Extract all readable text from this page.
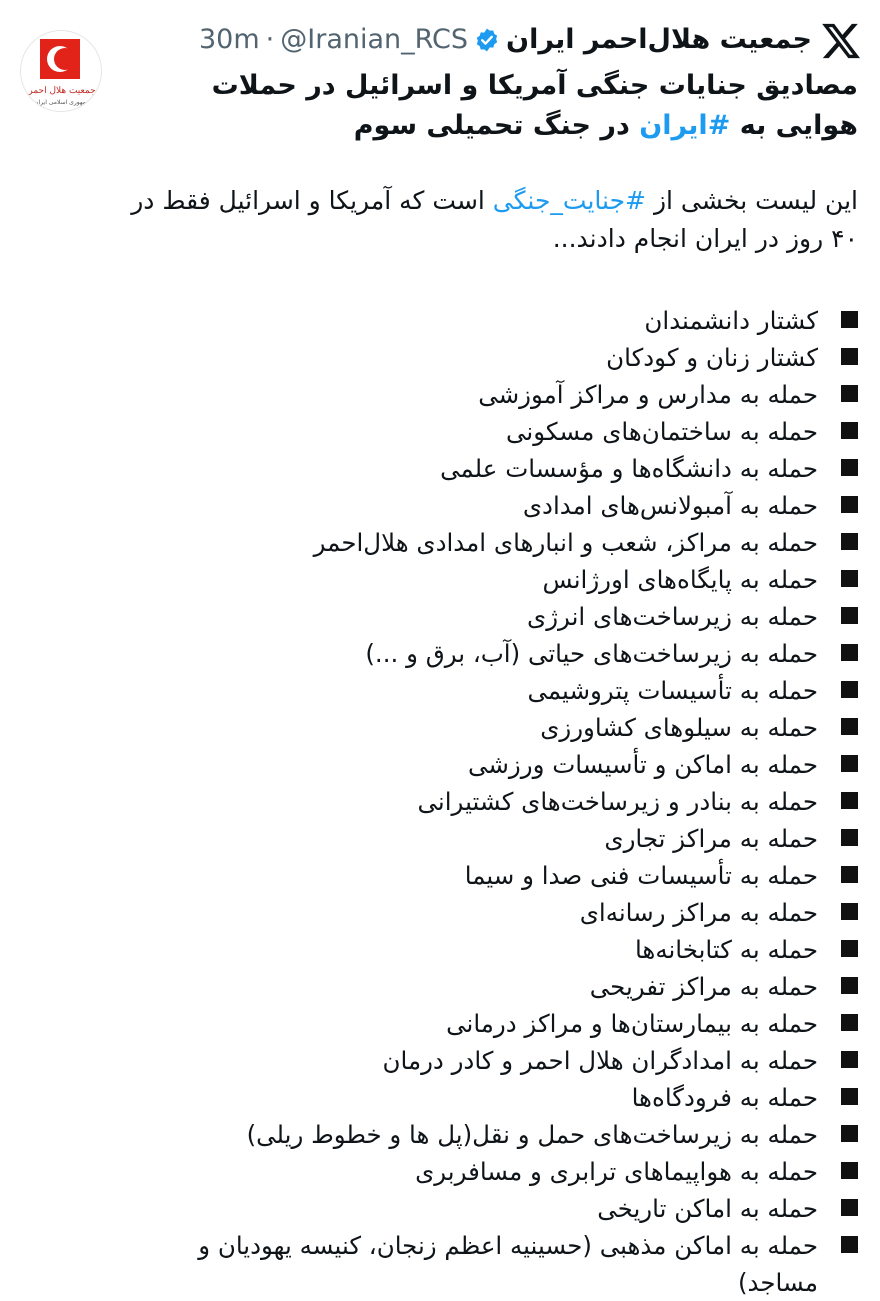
جمعیت هلال احمر
جمهوری اسلامی ایران
جمعیت هلال‌احمر ایران
@Iranian_RCS
·
30m
مصادیق جنایات جنگی آمریکا و اسرائیل در حملات هوایی به #ایران در جنگ تحمیلی سوم
این لیست بخشی از #جنایت_جنگی است که آمریکا و اسرائیل فقط در ۴۰ روز در ایران انجام دادند...
کشتار دانشمندان
کشتار زنان و کودکان
حمله به مدارس و مراکز آموزشی
حمله به ساختمان‌های مسکونی
حمله به دانشگاه‌ها و مؤسسات علمی
حمله به آمبولانس‌های امدادی
حمله به مراکز، شعب و انبارهای امدادی هلال‌احمر
حمله به پایگاه‌های اورژانس
حمله به زیرساخت‌های انرژی
حمله به زیرساخت‌های حیاتی (آب، برق و ...)
حمله به تأسیسات پتروشیمی
حمله به سیلوهای کشاورزی
حمله به اماکن و تأسیسات ورزشی
حمله به بنادر و زیرساخت‌های کشتیرانی
حمله به مراکز تجاری
حمله به تأسیسات فنی صدا و سیما
حمله به مراکز رسانه‌ای
حمله به کتابخانه‌ها
حمله به مراکز تفریحی
حمله به بیمارستان‌ها و مراکز درمانی
حمله به امدادگران هلال احمر و کادر درمان
حمله به فرودگاه‌ها
حمله به زیرساخت‌های حمل و نقل(پل ها و خطوط ریلی)
حمله به هواپیماهای ترابری و مسافربری
حمله به اماکن تاریخی
حمله به اماکن مذهبی (حسینیه اعظم زنجان، کنیسه یهودیان و مساجد)
